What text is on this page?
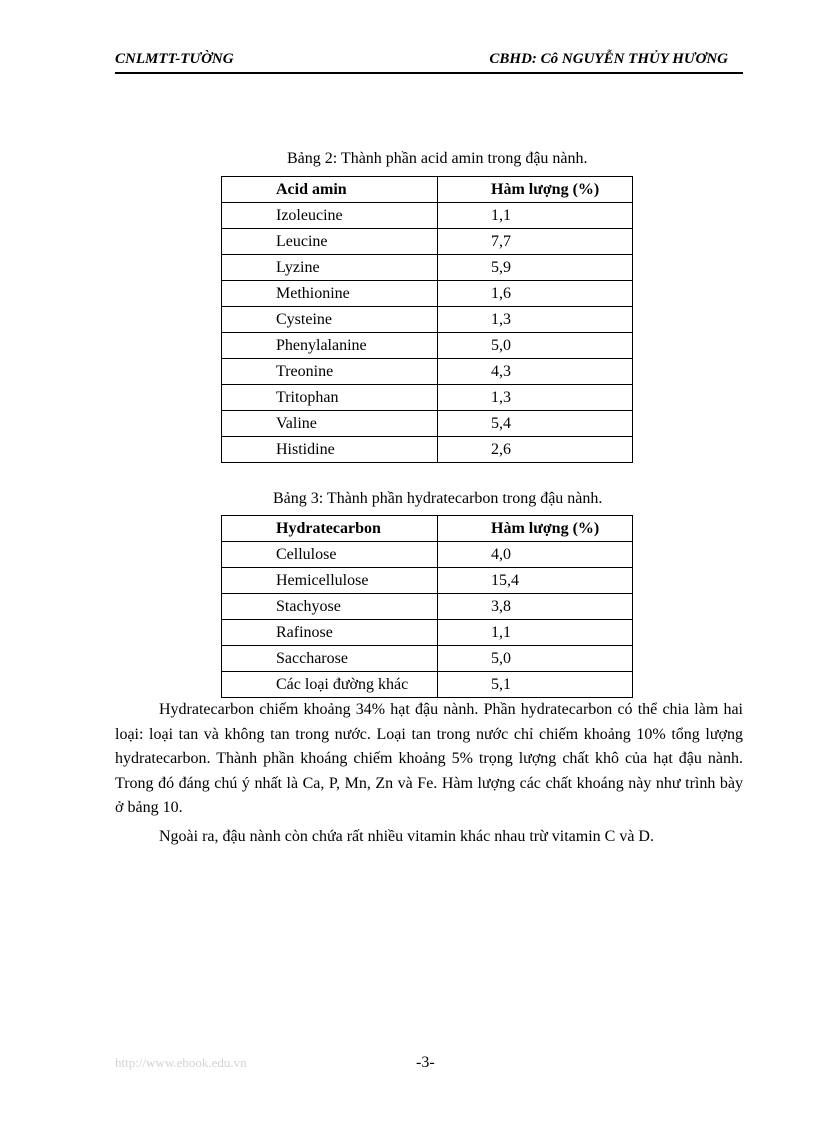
CNLMTT-TƯỜNG	CBHD: Cô NGUYỄN THỦY HƯƠNG
Bảng 2: Thành phần acid amin trong đậu nành.
Acid amin	Hàm lượng (%)
Izoleucine	1,1
Leucine	7,7
Lyzine	5,9
Methionine	1,6
Cysteine	1,3
Phenylalanine	5,0
Treonine	4,3
Tritophan	1,3
Valine	5,4
Histidine	2,6
Bảng 3: Thành phần hydratecarbon trong đậu nành.
Hydratecarbon	Hàm lượng (%)
Cellulose	4,0
Hemicellulose	15,4
Stachyose	3,8
Rafinose	1,1
Saccharose	5,0
Các loại đường khác	5,1
Hydratecarbon chiếm khoảng 34% hạt đậu nành. Phần hydratecarbon có thể chia làm hai loại: loại tan và không tan trong nước. Loại tan trong nước chỉ chiếm khoảng 10% tổng lượng hydratecarbon. Thành phần khoáng chiếm khoảng 5% trọng lượng chất khô của hạt đậu nành. Trong đó đáng chú ý nhất là Ca, P, Mn, Zn và Fe. Hàm lượng các chất khoáng này như trình bày ở bảng 10.
Ngoài ra, đậu nành còn chứa rất nhiều vitamin khác nhau trừ vitamin C và D.
http://www.ebook.edu.vn	-3-
